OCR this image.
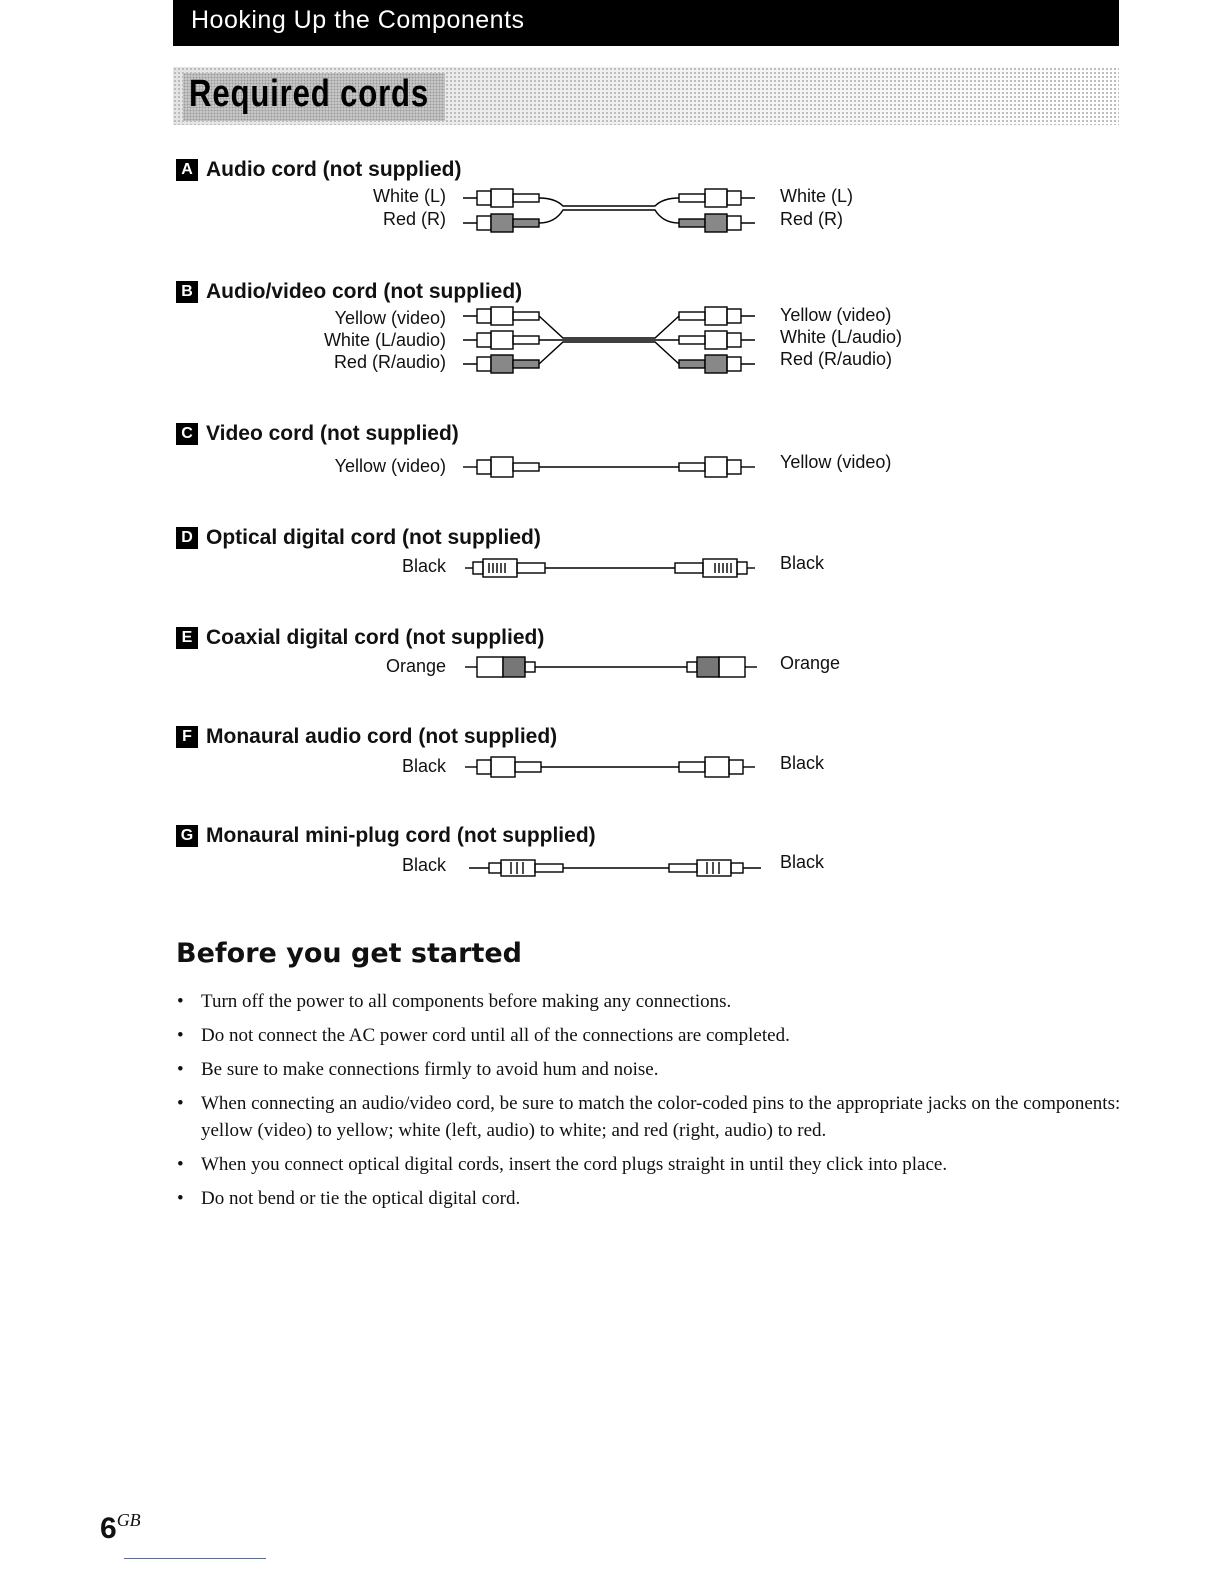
Hooking Up the Components
Required cords
A Audio cord (not supplied)
White (L)
Red (R)
White (L)
Red (R)
B Audio/video cord (not supplied)
Yellow (video)
White (L/audio)
Red (R/audio)
Yellow (video)
White (L/audio)
Red (R/audio)
C Video cord (not supplied)
Yellow (video)	Yellow (video)
D Optical digital cord (not supplied)
Black	Black
E Coaxial digital cord (not supplied)
Orange	Orange
F Monaural audio cord (not supplied)
Black	Black
G Monaural mini-plug cord (not supplied)
Black	Black
Before you get started
• Turn off the power to all components before making any connections.
• Do not connect the AC power cord until all of the connections are completed.
• Be sure to make connections firmly to avoid hum and noise.
• When connecting an audio/video cord, be sure to match the color-coded pins to the appropriate jacks on the components: yellow (video) to yellow; white (left, audio) to white; and red (right, audio) to red.
• When you connect optical digital cords, insert the cord plugs straight in until they click into place.
• Do not bend or tie the optical digital cord.
$6^{GB}$
